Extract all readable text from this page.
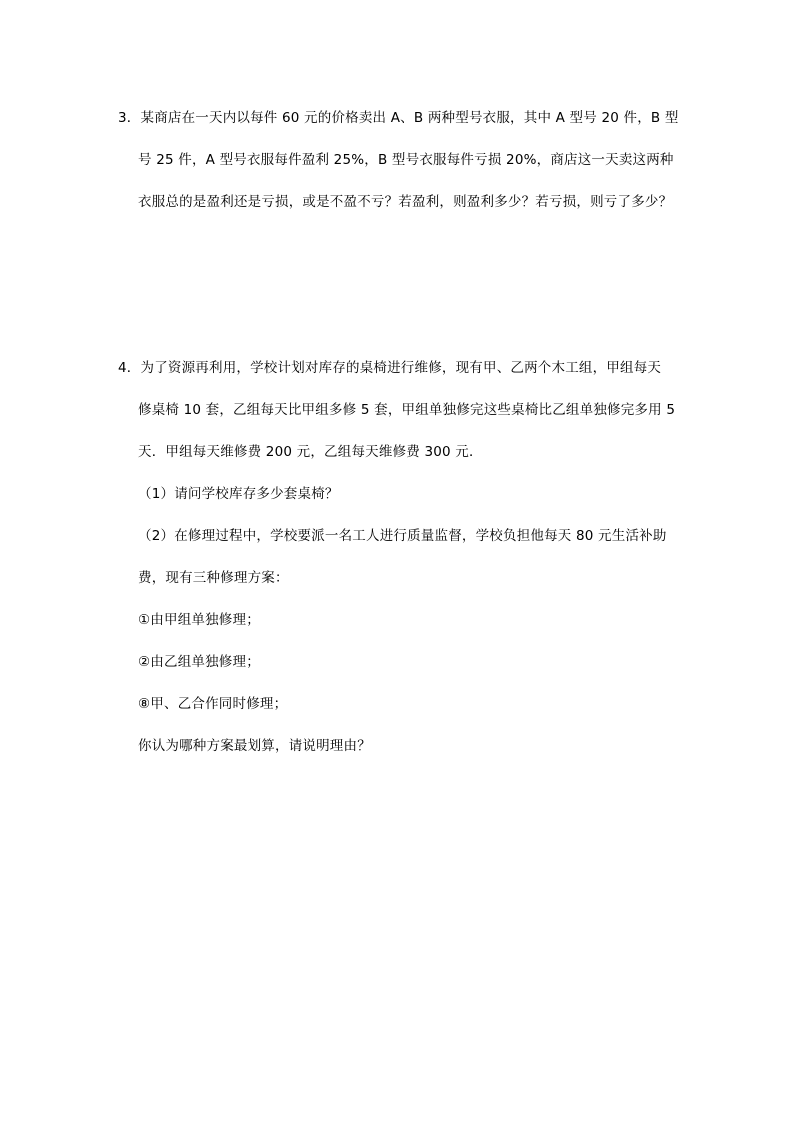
3．某商店在一天内以每件 60 元的价格卖出 A、B 两种型号衣服，其中 A 型号 20 件，B 型
号 25 件，A 型号衣服每件盈利 25%，B 型号衣服每件亏损 20%，商店这一天卖这两种
衣服总的是盈利还是亏损，或是不盈不亏？若盈利，则盈利多少？若亏损，则亏了多少？
4．为了资源再利用，学校计划对库存的桌椅进行维修，现有甲、乙两个木工组，甲组每天
修桌椅 10 套，乙组每天比甲组多修 5 套，甲组单独修完这些桌椅比乙组单独修完多用 5
天．甲组每天维修费 200 元，乙组每天维修费 300 元．
（1）请问学校库存多少套桌椅？
（2）在修理过程中，学校要派一名工人进行质量监督，学校负担他每天 80 元生活补助
费，现有三种修理方案：
①由甲组单独修理；
②由乙组单独修理；
⑧甲、乙合作同时修理；
你认为哪种方案最划算，请说明理由？
